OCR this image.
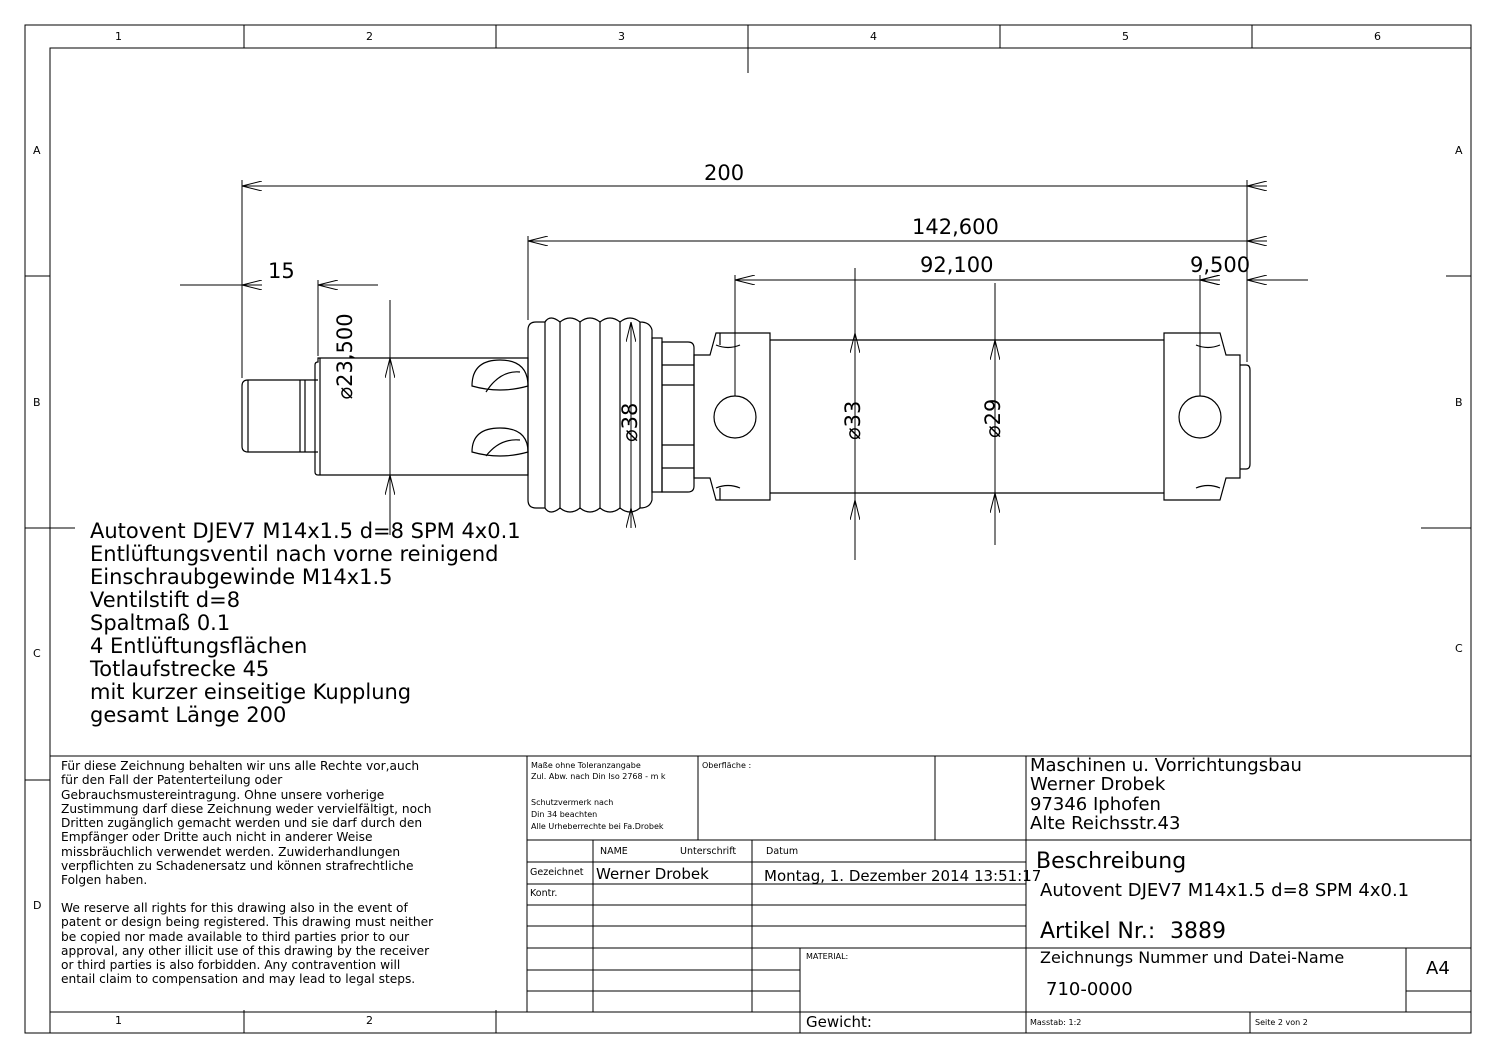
1	2	3	4	5	6
1	2
A
B
C
D
A
B
C
200
142,600
92,100	9,500
15
⌀23,500
⌀38	⌀33	⌀29
Autovent DJEV7 M14x1.5 d=8 SPM 4x0.1
Entlüftungsventil nach vorne reinigend
Einschraubgewinde M14x1.5
Ventilstift d=8
Spaltmaß 0.1
4 Entlüftungsflächen
Totlaufstrecke 45
mit kurzer einseitige Kupplung
gesamt Länge 200
Für diese Zeichnung behalten wir uns alle Rechte vor,auch für den Fall der Patenterteilung oder Gebrauchsmustereintragung. Ohne unsere vorherige Zustimmung darf diese Zeichnung weder vervielfältigt, noch Dritten zugänglich gemacht werden und sie darf durch den Empfänger oder Dritte auch nicht in anderer Weise missbräuchlich verwendet werden. Zuwiderhandlungen verpflichten zu Schadenersatz und können strafrechtliche Folgen haben.
We reserve all rights for this drawing also in the event of patent or design being registered. This drawing must neither be copied nor made available to third parties prior to our approval, any other illicit use of this drawing by the receiver or third parties is also forbidden. Any contravention will entail claim to compensation and may lead to legal steps.
Maße ohne Toleranzangabe
Zul. Abw. nach Din Iso 2768 - m k
Schutzvermerk nach
Din 34 beachten
Alle Urheberrechte bei Fa.Drobek
Oberfläche :
NAME	Unterschrift	Datum
Gezeichnet Werner Drobek	Montag, 1. Dezember 2014 13:51:17
Kontr.
MATERIAL:
Gewicht:
Maschinen u. Vorrichtungsbau
Werner Drobek
97346 Iphofen
Alte Reichsstr.43
Beschreibung
Autovent DJEV7 M14x1.5 d=8 SPM 4x0.1
Artikel Nr.: 3889
Zeichnungs Nummer und Datei-Name
710-0000
A4
Masstab: 1:2	Seite 2 von 2
